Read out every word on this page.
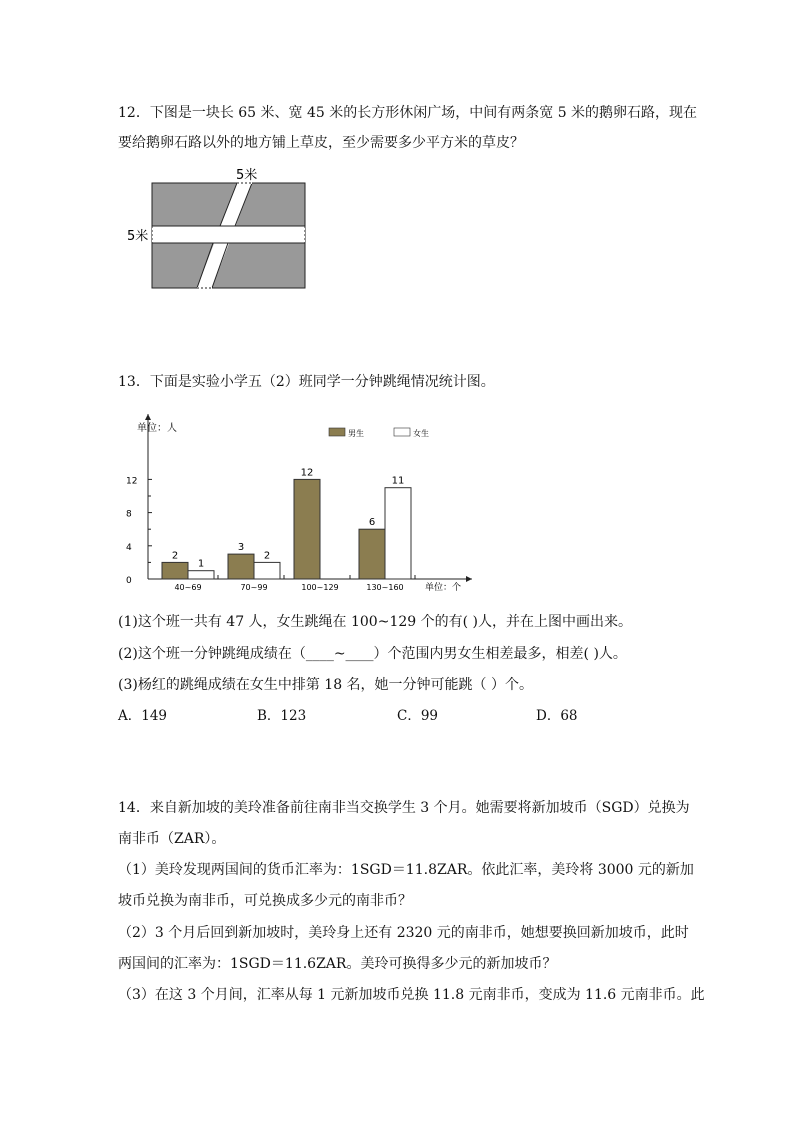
12．下图是一块长 65 米、宽 45 米的长方形休闲广场，中间有两条宽 5 米的鹅卵石路，现在
要给鹅卵石路以外的地方铺上草皮，至少需要多少平方米的草皮？
5米
5米
13．下面是实验小学五（2）班同学一分钟跳绳情况统计图。
0
4
8
12
2
1
40~69
3
2
70~99
12
100~129
6
11
130~160
单位：人
单位：个
男生	女生
(1)这个班一共有 47 人，女生跳绳在 100~129 个的有( )人，并在上图中画出来。
(2)这个班一分钟跳绳成绩在（____~____）个范围内男女生相差最多，相差( )人。
(3)杨红的跳绳成绩在女生中排第 18 名，她一分钟可能跳（ ）个。
A．149	B．123	C．99	D．68
14．来自新加坡的美玲准备前往南非当交换学生 3 个月。她需要将新加坡币（SGD）兑换为
南非币（ZAR）。
（1）美玲发现两国间的货币汇率为：1SGD＝11.8ZAR。依此汇率，美玲将 3000 元的新加
坡币兑换为南非币，可兑换成多少元的南非币？
（2）3 个月后回到新加坡时，美玲身上还有 2320 元的南非币，她想要换回新加坡币，此时
两国间的汇率为：1SGD＝11.6ZAR。美玲可换得多少元的新加坡币？
（3）在这 3 个月间，汇率从每 1 元新加坡币兑换 11.8 元南非币，变成为 11.6 元南非币。此
